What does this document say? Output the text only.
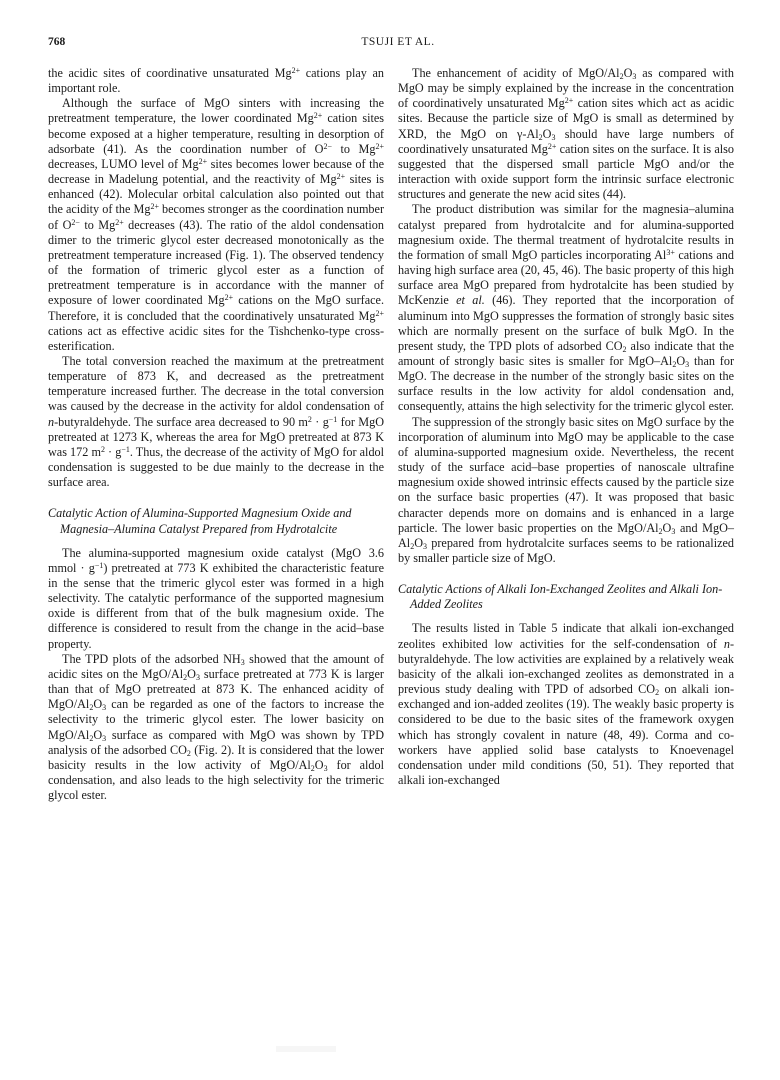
768	TSUJI ET AL.

the acidic sites of coordinative unsaturated $Mg^{2+}$ cations play an important role.

Although the surface of MgO sinters with increasing the pretreatment temperature, the lower coordinated $Mg^{2+}$ cation sites become exposed at a higher temperature, resulting in desorption of adsorbate (41). As the coordination number of $O^{2-}$ to $Mg^{2+}$ decreases, LUMO level of $Mg^{2+}$ sites becomes lower because of the decrease in Madelung potential, and the reactivity of $Mg^{2+}$ sites is enhanced (42). Molecular orbital calculation also pointed out that the acidity of the $Mg^{2+}$ becomes stronger as the coordination number of $O^{2-}$ to $Mg^{2+}$ decreases (43). The ratio of the aldol condensation dimer to the trimeric glycol ester decreased monotonically as the pretreatment temperature increased (Fig. 1). The observed tendency of the formation of trimeric glycol ester as a function of pretreatment temperature is in accordance with the manner of exposure of lower coordinated $Mg^{2+}$ cations on the MgO surface. Therefore, it is concluded that the coordinatively unsaturated $Mg^{2+}$ cations act as effective acidic sites for the Tishchenko-type cross-esterification.

The total conversion reached the maximum at the pretreatment temperature of 873 K, and decreased as the pretreatment temperature increased further. The decrease in the total conversion was caused by the decrease in the activity for aldol condensation of n-butyraldehyde. The surface area decreased to 90 $m^2 \cdot g^{-1}$ for MgO pretreated at 1273 K, whereas the area for MgO pretreated at 873 K was 172 $m^2 \cdot g^{-1}$. Thus, the decrease of the activity of MgO for aldol condensation is suggested to be due mainly to the decrease in the surface area.

Catalytic Action of Alumina-Supported Magnesium Oxide and Magnesia–Alumina Catalyst Prepared from Hydrotalcite

The alumina-supported magnesium oxide catalyst (MgO 3.6 mmol · $g^{-1}$) pretreated at 773 K exhibited the characteristic feature in the sense that the trimeric glycol ester was formed in a high selectivity. The catalytic performance of the supported magnesium oxide is different from that of the bulk magnesium oxide. The difference is considered to result from the change in the acid–base property.

The TPD plots of the adsorbed $NH_3$ showed that the amount of acidic sites on the MgO/$Al_2O_3$ surface pretreated at 773 K is larger than that of MgO pretreated at 873 K. The enhanced acidity of MgO/$Al_2O_3$ can be regarded as one of the factors to increase the selectivity to the trimeric glycol ester. The lower basicity on MgO/$Al_2O_3$ surface as compared with MgO was shown by TPD analysis of the adsorbed $CO_2$ (Fig. 2). It is considered that the lower basicity results in the low activity of MgO/$Al_2O_3$ for aldol condensation, and also leads to the high selectivity for the trimeric glycol ester.

The enhancement of acidity of MgO/$Al_2O_3$ as compared with MgO may be simply explained by the increase in the concentration of coordinatively unsaturated $Mg^{2+}$ cation sites which act as acidic sites. Because the particle size of MgO is small as determined by XRD, the MgO on $\gamma-Al_2O_3$ should have large numbers of coordinatively unsaturated $Mg^{2+}$ cation sites on the surface. It is also suggested that the dispersed small particle MgO and/or the interaction with oxide support form the intrinsic surface electronic structures and generate the new acid sites (44).

The product distribution was similar for the magnesia–alumina catalyst prepared from hydrotalcite and for alumina-supported magnesium oxide. The thermal treatment of hydrotalcite results in the formation of small MgO particles incorporating $Al^{3+}$ cations and having high surface area (20, 45, 46). The basic property of this high surface area MgO prepared from hydrotalcite has been studied by McKenzie et al. (46). They reported that the incorporation of aluminum into MgO suppresses the formation of strongly basic sites which are normally present on the surface of bulk MgO. In the present study, the TPD plots of adsorbed $CO_2$ also indicate that the amount of strongly basic sites is smaller for MgO–$Al_2O_3$ than for MgO. The decrease in the number of the strongly basic sites on the surface results in the low activity for aldol condensation and, consequently, attains the high selectivity for the trimeric glycol ester.

The suppression of the strongly basic sites on MgO surface by the incorporation of aluminum into MgO may be applicable to the case of alumina-supported magnesium oxide. Nevertheless, the recent study of the surface acid–base properties of nanoscale ultrafine magnesium oxide showed intrinsic effects caused by the particle size on the surface basic properties (47). It was proposed that basic character depends more on domains and is enhanced in a large particle. The lower basic properties on the MgO/$Al_2O_3$ and MgO–$Al_2O_3$ prepared from hydrotalcite surfaces seems to be rationalized by smaller particle size of MgO.

Catalytic Actions of Alkali Ion-Exchanged Zeolites and Alkali Ion-Added Zeolites

The results listed in Table 5 indicate that alkali ion-exchanged zeolites exhibited low activities for the self-condensation of n-butyraldehyde. The low activities are explained by a relatively weak basicity of the alkali ion-exchanged zeolites as demonstrated in a previous study dealing with TPD of adsorbed $CO_2$ on alkali ion-exchanged and ion-added zeolites (19). The weakly basic property is considered to be due to the basic sites of the framework oxygen which has strongly covalent in nature (48, 49). Corma and co-workers have applied solid base catalysts to Knoevenagel condensation under mild conditions (50, 51). They reported that alkali ion-exchanged
